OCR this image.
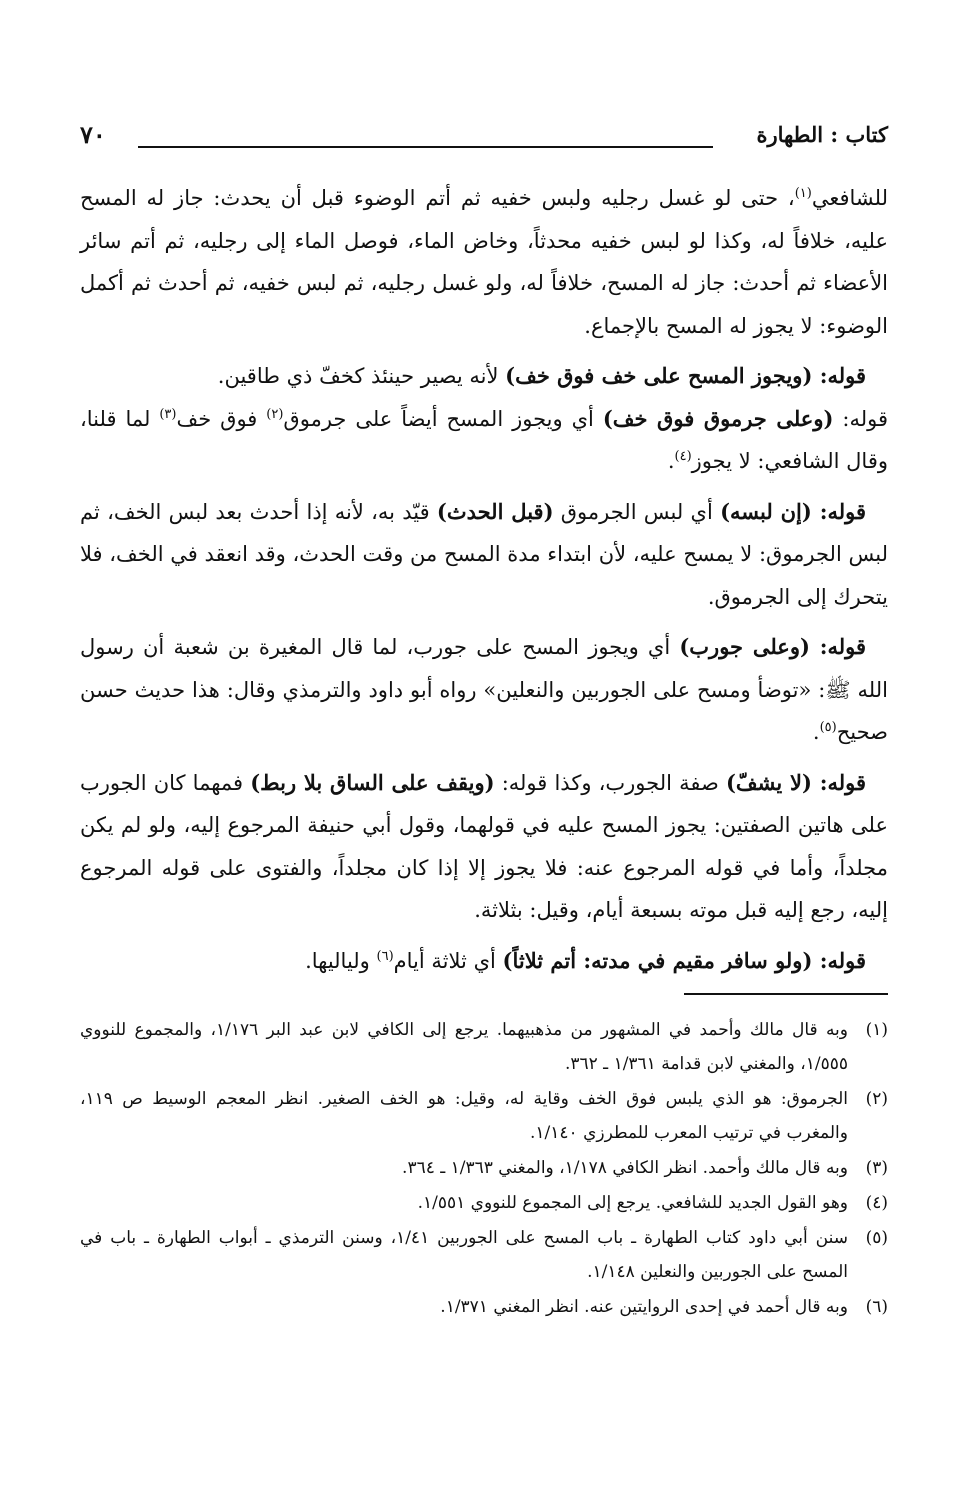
٧٠	كتاب : الطهارة

للشافعي$^{(١)}$، حتى لو غسل رجليه ولبس خفيه ثم أتم الوضوء قبل أن يحدث: جاز له المسح عليه، خلافاً له، وكذا لو لبس خفيه محدثاً، وخاض الماء، فوصل الماء إلى رجليه، ثم أتم سائر الأعضاء ثم أحدث: جاز له المسح، خلافاً له، ولو غسل رجليه، ثم لبس خفيه، ثم أحدث ثم أكمل الوضوء: لا يجوز له المسح بالإجماع.

قوله: (ويجوز المسح على خف فوق خف) لأنه يصير حينئذ كخفّ ذي طاقين.
قوله: (وعلى جرموق فوق خف) أي ويجوز المسح أيضاً على جرموق$^{(٢)}$ فوق خف$^{(٣)}$ لما قلنا، وقال الشافعي: لا يجوز$^{(٤)}$.

قوله: (إن لبسه) أي لبس الجرموق (قبل الحدث) قيّد به، لأنه إذا أحدث بعد لبس الخف، ثم لبس الجرموق: لا يمسح عليه، لأن ابتداء مدة المسح من وقت الحدث، وقد انعقد في الخف، فلا يتحرك إلى الجرموق.

قوله: (وعلى جورب) أي ويجوز المسح على جورب، لما قال المغيرة بن شعبة أن رسول الله ﷺ: «توضأ ومسح على الجوربين والنعلين» رواه أبو داود والترمذي وقال: هذا حديث حسن صحيح$^{(٥)}$.

قوله: (لا يشفّ) صفة الجورب، وكذا قوله: (ويقف على الساق بلا ربط) فمهما كان الجورب على هاتين الصفتين: يجوز المسح عليه في قولهما، وقول أبي حنيفة المرجوع إليه، ولو لم يكن مجلداً، وأما في قوله المرجوع عنه: فلا يجوز إلا إذا كان مجلداً، والفتوى على قوله المرجوع إليه، رجع إليه قبل موته بسبعة أيام، وقيل: بثلاثة.

قوله: (ولو سافر مقيم في مدته: أتم ثلاثاً) أي ثلاثة أيام$^{(٦)}$ ولياليها.

(١)
وبه قال مالك وأحمد في المشهور من مذهبيهما. يرجع إلى الكافي لابن عبد البر ١/١٧٦، والمجموع للنووي ١/٥٥٥، والمغني لابن قدامة ١/٣٦١ ـ ٣٦٢.
(٢)
الجرموق: هو الذي يلبس فوق الخف وقاية له، وقيل: هو الخف الصغير. انظر المعجم الوسيط ص ١١٩، والمغرب في ترتيب المعرب للمطرزي ١/١٤٠.
(٣)
وبه قال مالك وأحمد. انظر الكافي ١/١٧٨، والمغني ١/٣٦٣ ـ ٣٦٤.
(٤)
وهو القول الجديد للشافعي. يرجع إلى المجموع للنووي ١/٥٥١.
(٥)
سنن أبي داود كتاب الطهارة ـ باب المسح على الجوربين ١/٤١، وسنن الترمذي ـ أبواب الطهارة ـ باب في المسح على الجوربين والنعلين ١/١٤٨.
(٦)
وبه قال أحمد في إحدى الروايتين عنه. انظر المغني ١/٣٧١.
